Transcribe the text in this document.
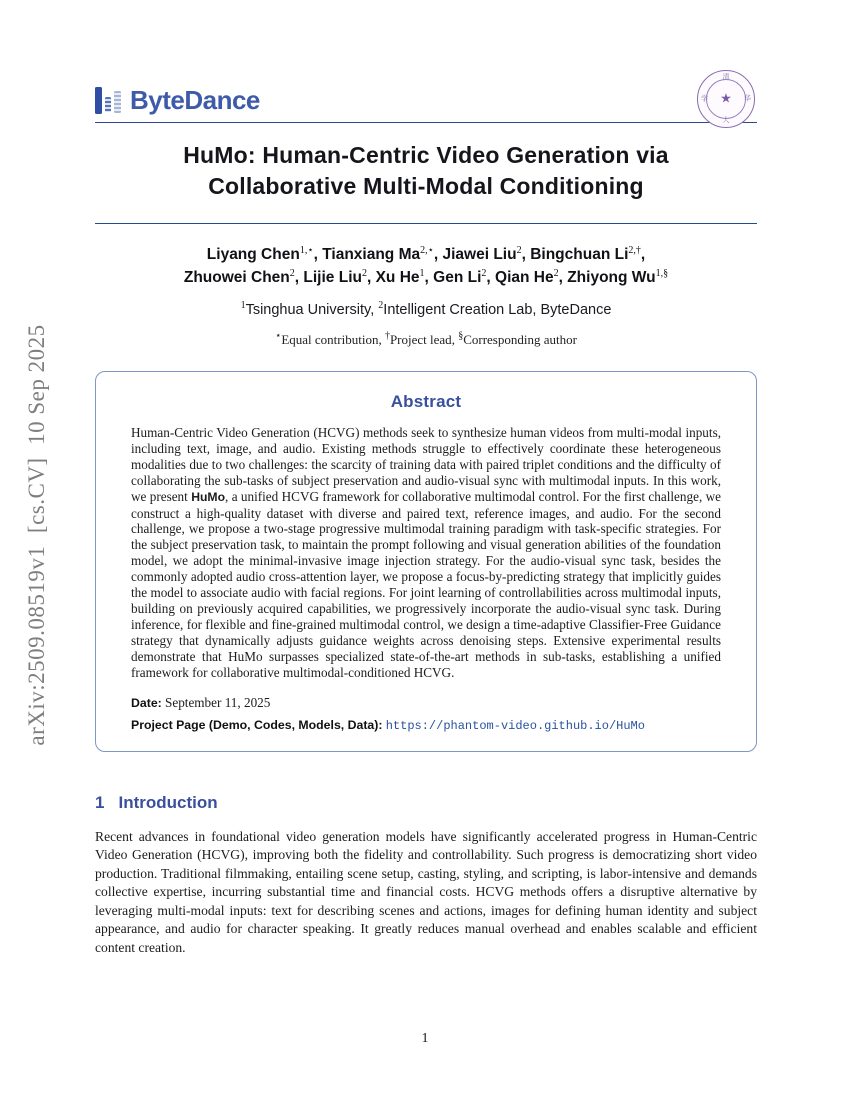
arXiv:2509.08519v1  [cs.CV]  10 Sep 2025
ByteDance
清
华
大
学 ★
HuMo: Human-Centric Video Generation via
Collaborative Multi-Modal Conditioning
Liyang Chen$^{1,⋆}$, Tianxiang $Ma^{2,⋆}$, Jiawei Liu$^2$, Bingchuan $Li^{2,\dagger}$,
Zhuowei Chen$^2$, Lijie Liu$^2$, Xu He$^1$, Gen Li$^2$, Qian He$^2$, Zhiyong $Wu^{1,\S}$
$^1$Tsinghua University, $^2$Intelligent Creation Lab, ByteDance
⋆Equal contribution, †Project lead, §Corresponding author
Abstract
Human-Centric Video Generation (HCVG) methods seek to synthesize human videos from multi-modal inputs, including text, image, and audio. Existing methods struggle to effectively coordinate these heterogeneous modalities due to two challenges: the scarcity of training data with paired triplet conditions and the difficulty of collaborating the sub-tasks of subject preservation and audio-visual sync with multimodal inputs. In this work, we present HuMo, a unified HCVG framework for collaborative multimodal control. For the first challenge, we construct a high-quality dataset with diverse and paired text, reference images, and audio. For the second challenge, we propose a two-stage progressive multimodal training paradigm with task-specific strategies. For the subject preservation task, to maintain the prompt following and visual generation abilities of the foundation model, we adopt the minimal-invasive image injection strategy. For the audio-visual sync task, besides the commonly adopted audio cross-attention layer, we propose a focus-by-predicting strategy that implicitly guides the model to associate audio with facial regions. For joint learning of controllabilities across multimodal inputs, building on previously acquired capabilities, we progressively incorporate the audio-visual sync task. During inference, for flexible and fine-grained multimodal control, we design a time-adaptive Classifier-Free Guidance strategy that dynamically adjusts guidance weights across denoising steps. Extensive experimental results demonstrate that HuMo surpasses specialized state-of-the-art methods in sub-tasks, establishing a unified framework for collaborative multimodal-conditioned HCVG.
Date: September 11, 2025
Project Page (Demo, Codes, Models, Data): https://phantom-video.github.io/HuMo
1 Introduction
Recent advances in foundational video generation models have significantly accelerated progress in Human-Centric Video Generation (HCVG), improving both the fidelity and controllability. Such progress is democratizing short video production. Traditional filmmaking, entailing scene setup, casting, styling, and scripting, is labor-intensive and demands collective expertise, incurring substantial time and financial costs. HCVG methods offers a disruptive alternative by leveraging multi-modal inputs: text for describing scenes and actions, images for defining human identity and subject appearance, and audio for character speaking. It greatly reduces manual overhead and enables scalable and efficient content creation.
1
